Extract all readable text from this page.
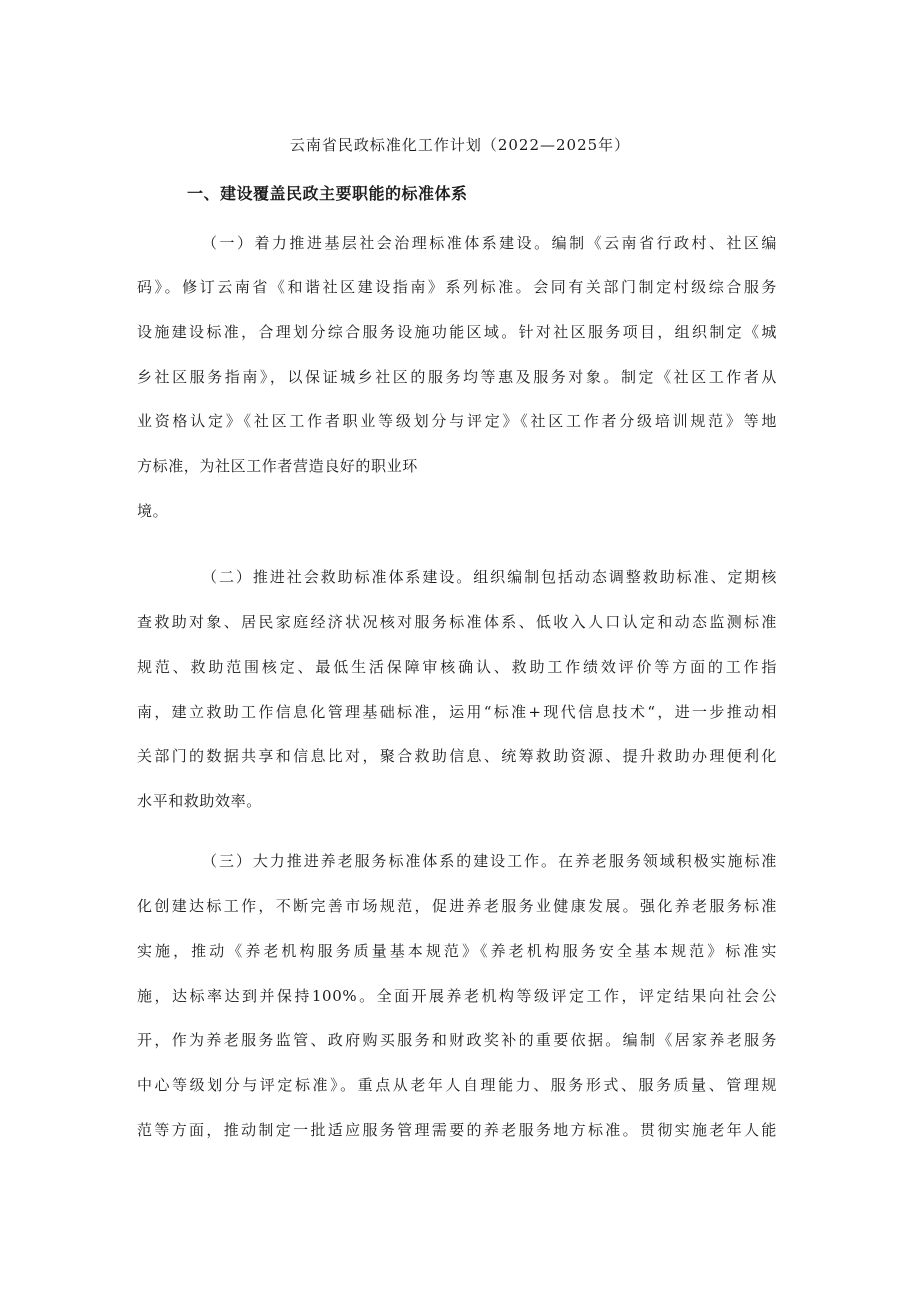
云南省民政标准化工作计划（2022—2025年）
一、建设覆盖民政主要职能的标准体系
（一）着力推进基层社会治理标准体系建设。编制《云南省行政村、社区编
码》。修订云南省《和谐社区建设指南》系列标准。会同有关部门制定村级综合服务
设施建设标准，合理划分综合服务设施功能区域。针对社区服务项目，组织制定《城
乡社区服务指南》，以保证城乡社区的服务均等惠及服务对象。制定《社区工作者从
业资格认定》《社区工作者职业等级划分与评定》《社区工作者分级培训规范》等地
方标准，为社区工作者营造良好的职业环
境。
（二）推进社会救助标准体系建设。组织编制包括动态调整救助标准、定期核
查救助对象、居民家庭经济状况核对服务标准体系、低收入人口认定和动态监测标准
规范、救助范围核定、最低生活保障审核确认、救助工作绩效评价等方面的工作指
南，建立救助工作信息化管理基础标准，运用“标准+现代信息技术“，进一步推动相
关部门的数据共享和信息比对，聚合救助信息、统筹救助资源、提升救助办理便利化
水平和救助效率。
（三）大力推进养老服务标准体系的建设工作。在养老服务领域积极实施标准
化创建达标工作，不断完善市场规范，促进养老服务业健康发展。强化养老服务标准
实施，推动《养老机构服务质量基本规范》《养老机构服务安全基本规范》标准实
施，达标率达到并保持100%。全面开展养老机构等级评定工作，评定结果向社会公
开，作为养老服务监管、政府购买服务和财政奖补的重要依据。编制《居家养老服务
中心等级划分与评定标准》。重点从老年人自理能力、服务形式、服务质量、管理规
范等方面，推动制定一批适应服务管理需要的养老服务地方标准。贯彻实施老年人能
